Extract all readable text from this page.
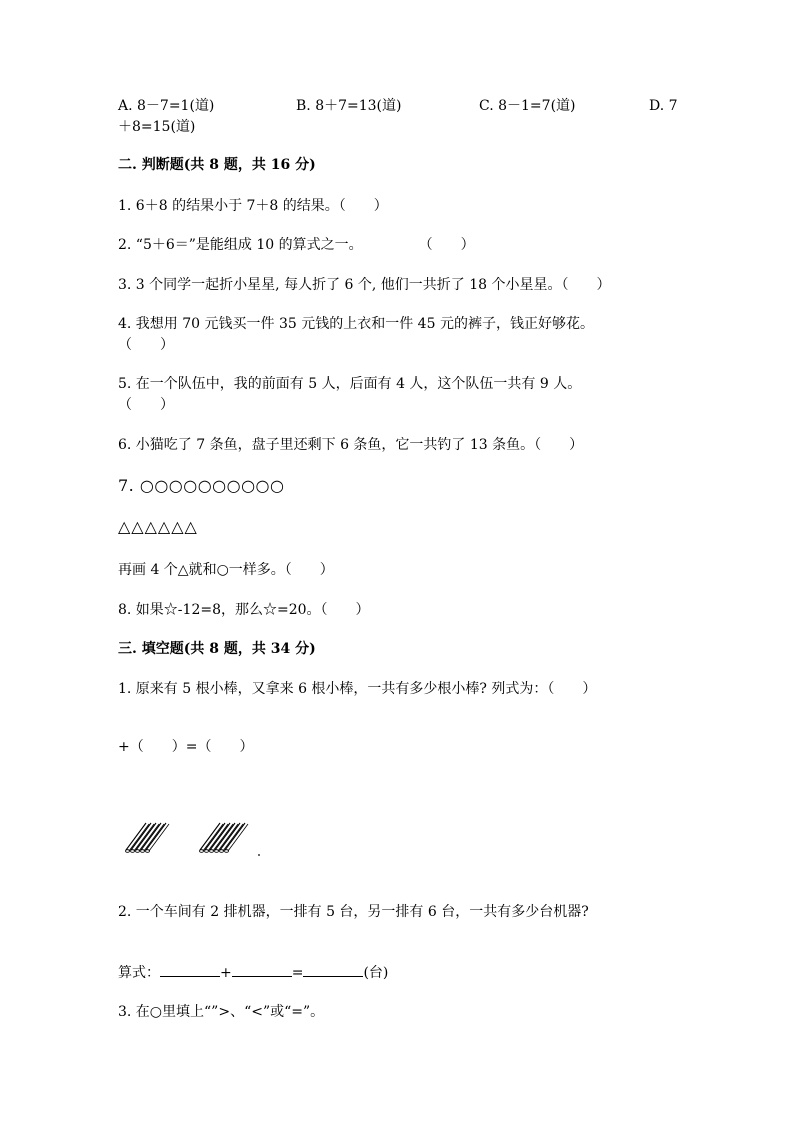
A. 8－7=1(道)	B. 8＋7=13(道)	C. 8－1=7(道)	D. 7
＋8=15(道)
二. 判断题(共 8 题，共 16 分)
1. 6＋8 的结果小于 7＋8 的结果。（　　）
2. “5＋6＝”是能组成 10 的算式之一。　　　　　（　　）
3. 3 个同学一起折小星星, 每人折了 6 个, 他们一共折了 18 个小星星。（　　）
4. 我想用 70 元钱买一件 35 元钱的上衣和一件 45 元的裤子，钱正好够花。
（　　）
5. 在一个队伍中，我的前面有 5 人，后面有 4 人，这个队伍一共有 9 人。
（　　）
6. 小猫吃了 7 条鱼，盘子里还剩下 6 条鱼，它一共钓了 13 条鱼。（　　）
7. ○○○○○○○○○○
△△△△△△
再画 4 个△就和○一样多。（　　）
8. 如果☆-12=8，那么☆=20。（　　）
三. 填空题(共 8 题，共 34 分)
1. 原来有 5 根小棒，又拿来 6 根小棒，一共有多少根小棒? 列式为：（　　）
+（　　）=（　　）
2. 一个车间有 2 排机器，一排有 5 台，另一排有 6 台，一共有多少台机器?
算式：	+	=	(台)
3. 在○里填上“”>、“<”或“=”。
